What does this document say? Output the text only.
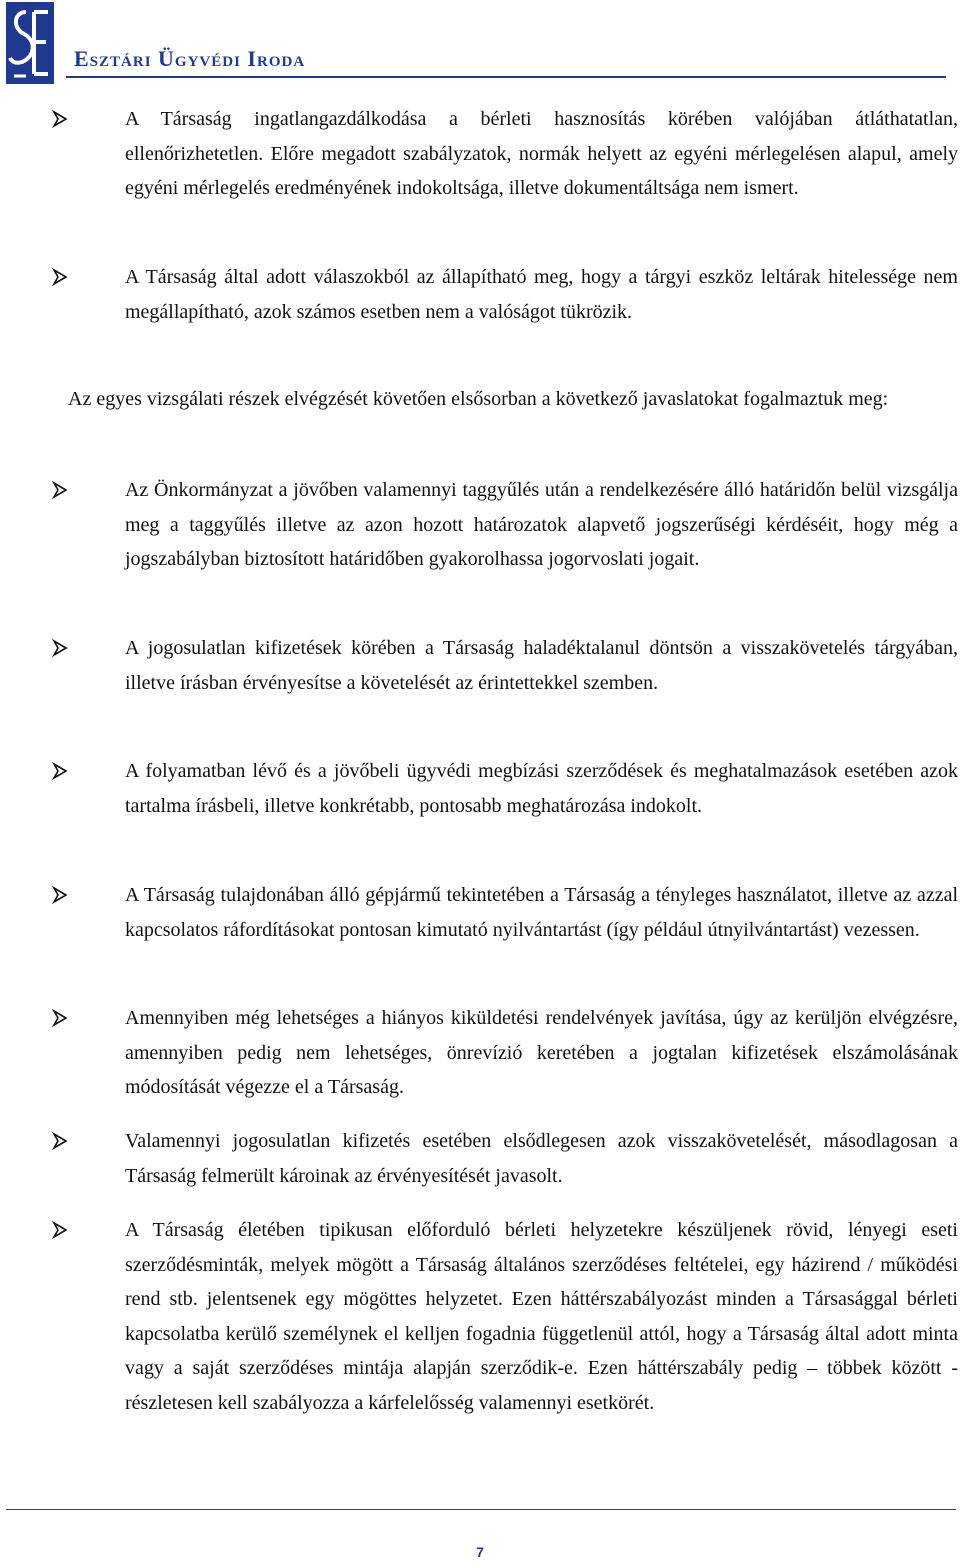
Esztári Ügyvédi Iroda
A Társaság ingatlangazdálkodása a bérleti hasznosítás körében valójában átláthatatlan, ellenőrizhetetlen. Előre megadott szabályzatok, normák helyett az egyéni mérlegelésen alapul, amely egyéni mérlegelés eredményének indokoltsága, illetve dokumentáltsága nem ismert.
A Társaság által adott válaszokból az állapítható meg, hogy a tárgyi eszköz leltárak hitelessége nem megállapítható, azok számos esetben nem a valóságot tükrözik.
Az egyes vizsgálati részek elvégzését követően elsősorban a következő javaslatokat fogalmaztuk meg:
Az Önkormányzat a jövőben valamennyi taggyűlés után a rendelkezésére álló határidőn belül vizsgálja meg a taggyűlés illetve az azon hozott határozatok alapvető jogszerűségi kérdéséit, hogy még a jogszabályban biztosított határidőben gyakorolhassa jogorvoslati jogait.
A jogosulatlan kifizetések körében a Társaság haladéktalanul döntsön a visszakövetelés tárgyában, illetve írásban érvényesítse a követelését az érintettekkel szemben.
A folyamatban lévő és a jövőbeli ügyvédi megbízási szerződések és meghatalmazások esetében azok tartalma írásbeli, illetve konkrétabb, pontosabb meghatározása indokolt.
A Társaság tulajdonában álló gépjármű tekintetében a Társaság a tényleges használatot, illetve az azzal kapcsolatos ráfordításokat pontosan kimutató nyilvántartást (így például útnyilvántartást) vezessen.
Amennyiben még lehetséges a hiányos kiküldetési rendelvények javítása, úgy az kerüljön elvégzésre, amennyiben pedig nem lehetséges, önrevízió keretében a jogtalan kifizetések elszámolásának módosítását végezze el a Társaság.
Valamennyi jogosulatlan kifizetés esetében elsődlegesen azok visszakövetelését, másodlagosan a Társaság felmerült károinak az érvényesítését javasolt.
A Társaság életében tipikusan előforduló bérleti helyzetekre készüljenek rövid, lényegi eseti szerződésminták, melyek mögött a Társaság általános szerződéses feltételei, egy házirend / működési rend stb. jelentsenek egy mögöttes helyzetet. Ezen háttérszabályozást minden a Társasággal bérleti kapcsolatba kerülő személynek el kelljen fogadnia függetlenül attól, hogy a Társaság által adott minta vagy a saját szerződéses mintája alapján szerződik-e. Ezen háttérszabály pedig – többek között - részletesen kell szabályozza a kárfelelősség valamennyi esetkörét.
7
